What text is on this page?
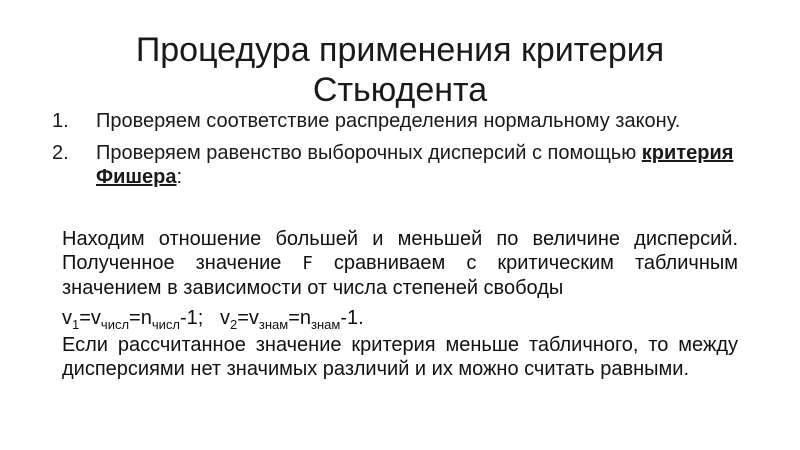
Процедура применения критерия
Стьюдента
1.	Проверяем соответствие распределения нормальному закону.
2.	Проверяем равенство выборочных дисперсий с помощью критерия Фишера:

Находим отношение большей и меньшей по величине дисперсий. Полученное значение F сравниваем с критическим табличным значением в зависимости от числа степеней свободы

$v_1=v_{числ}=n_{числ}-1$; $v_2=v_{знам}=n_{знам}-1$.

Если рассчитанное значение критерия меньше табличного, то между дисперсиями нет значимых различий и их можно считать равными.
